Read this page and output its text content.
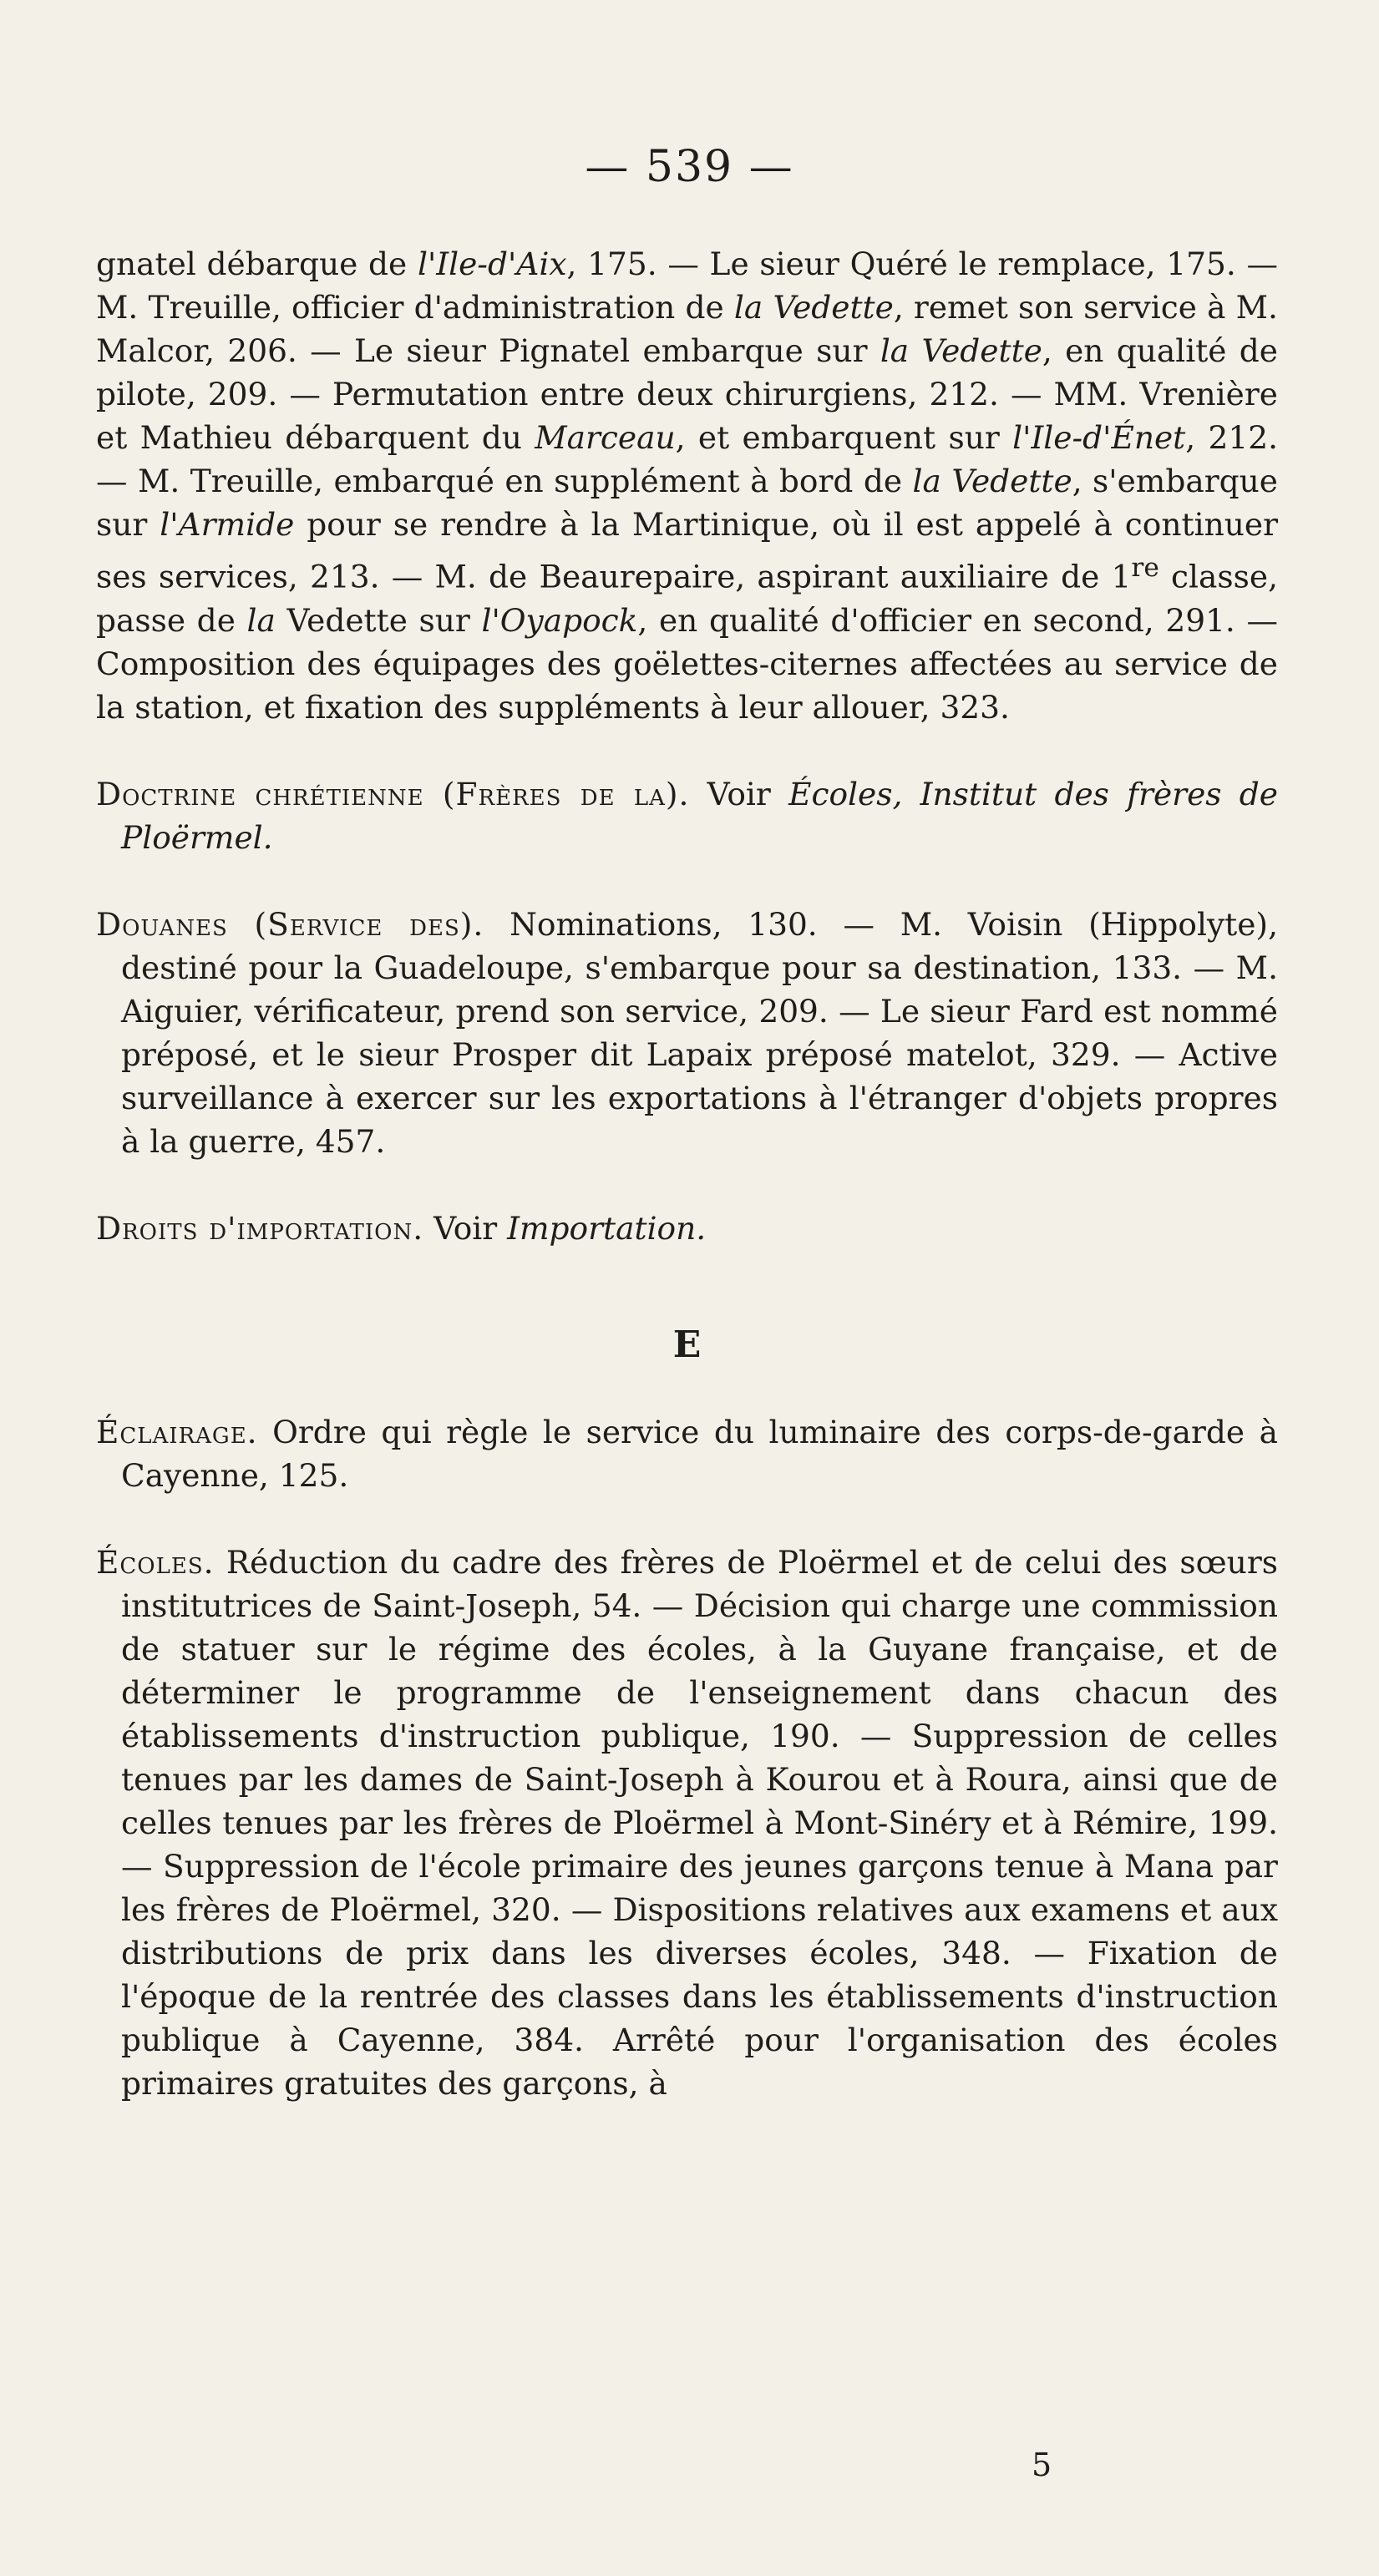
— 539 —

gnatel débarque de l'Ile-d'Aix, 175. — Le sieur Quéré le remplace, 175. — M. Treuille, officier d'administration de la Vedette, remet son service à M. Malcor, 206. — Le sieur Pignatel embarque sur la Vedette, en qualité de pilote, 209. — Permutation entre deux chirurgiens, 212. — MM. Vrenière et Mathieu débarquent du Marceau, et embarquent sur l'Ile-d'Énet, 212. — M. Treuille, embarqué en supplément à bord de la Vedette, s'embarque sur l'Armide pour se rendre à la Martinique, où il est appelé à continuer ses services, 213. — M. de Beaurepaire, aspirant auxiliaire de 1re classe, passe de la Vedette sur l'Oyapock, en qualité d'officier en second, 291. — Composition des équipages des goëlettes-citernes affectées au service de la station, et fixation des suppléments à leur allouer, 323.

Doctrine chrétienne (Frères de la). Voir Écoles, Institut des frères de Ploërmel.

Douanes (Service des). Nominations, 130. — M. Voisin (Hippolyte), destiné pour la Guadeloupe, s'embarque pour sa destination, 133. — M. Aiguier, vérificateur, prend son service, 209. — Le sieur Fard est nommé préposé, et le sieur Prosper dit Lapaix préposé matelot, 329. — Active surveillance à exercer sur les exportations à l'étranger d'objets propres à la guerre, 457.

Droits d'importation. Voir Importation.

E

Éclairage. Ordre qui règle le service du luminaire des corps-de-garde à Cayenne, 125.

Écoles. Réduction du cadre des frères de Ploërmel et de celui des sœurs institutrices de Saint-Joseph, 54. — Décision qui charge une commission de statuer sur le régime des écoles, à la Guyane française, et de déterminer le programme de l'enseignement dans chacun des établissements d'instruction publique, 190. — Suppression de celles tenues par les dames de Saint-Joseph à Kourou et à Roura, ainsi que de celles tenues par les frères de Ploërmel à Mont-Sinéry et à Rémire, 199. — Suppression de l'école primaire des jeunes garçons tenue à Mana par les frères de Ploërmel, 320. — Dispositions relatives aux examens et aux distributions de prix dans les diverses écoles, 348. — Fixation de l'époque de la rentrée des classes dans les établissements d'instruction publique à Cayenne, 384. Arrêté pour l'organisation des écoles primaires gratuites des garçons, à

5
